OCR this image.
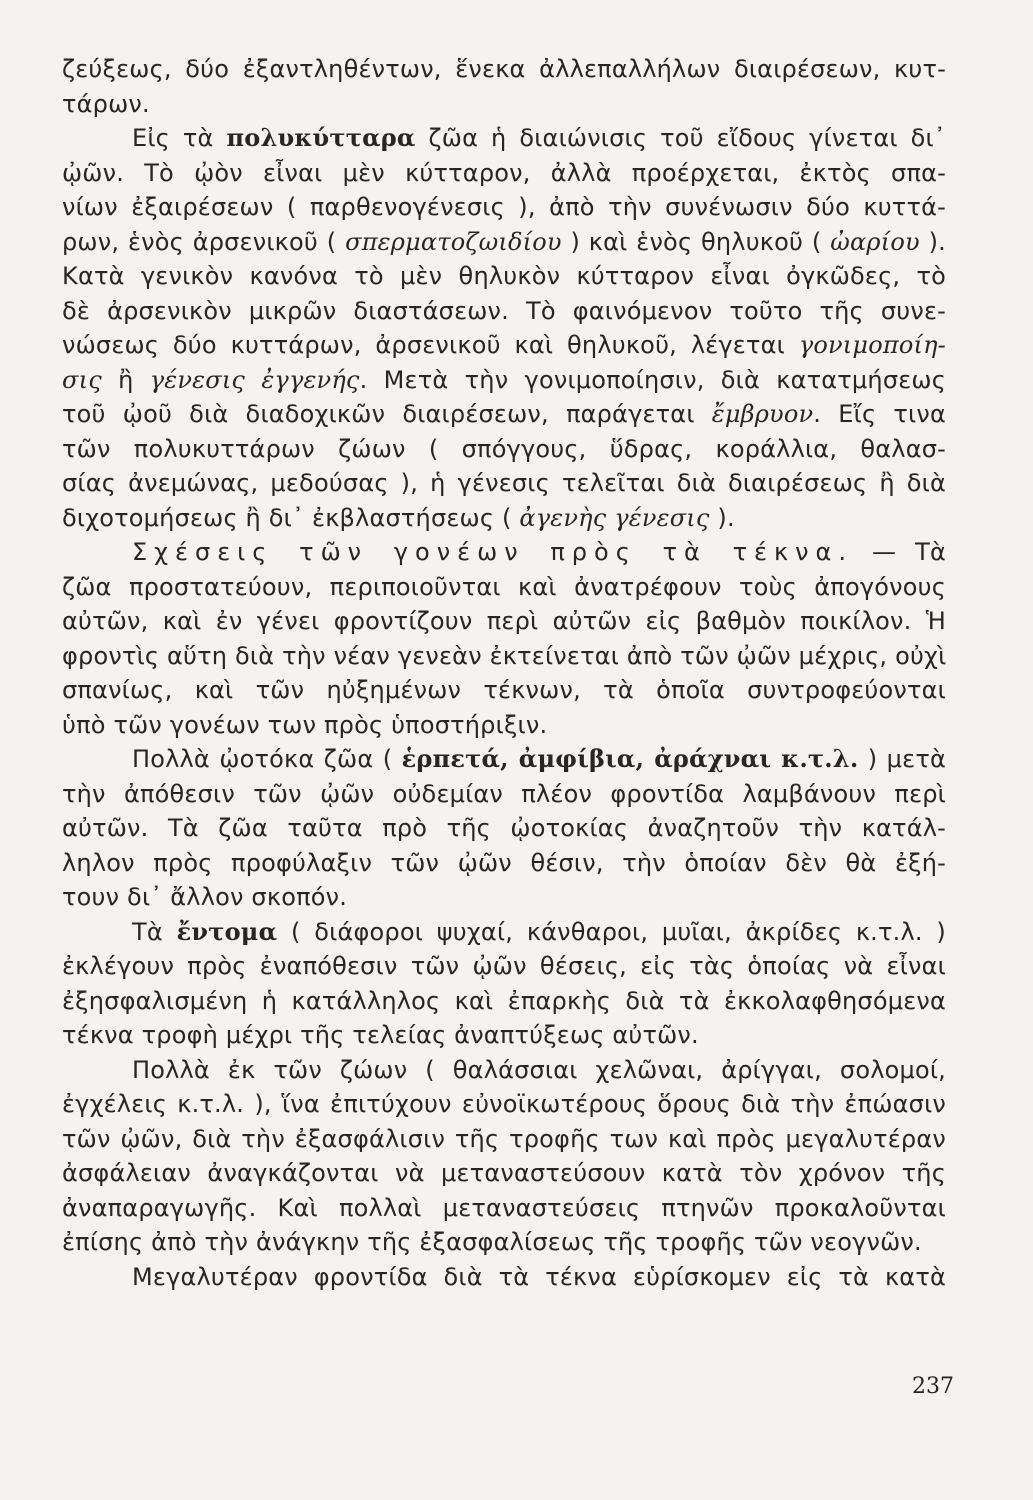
ζεύξεως, δύο ἐξαντληθέντων, ἕνεκα ἀλλεπαλλήλων διαιρέσεων, κυτ-
τάρων.
Εἰς τὰ πολυκύτταρα ζῶα ἡ διαιώνισις τοῦ εἴδους γίνεται δι᾽
ᾠῶν. Τὸ ᾠὸν εἶναι μὲν κύτταρον, ἀλλὰ προέρχεται, ἐκτὸς σπα-
νίων ἐξαιρέσεων ( παρθενογένεσις ), ἀπὸ τὴν συνένωσιν δύο κυττά-
ρων, ἑνὸς ἀρσενικοῦ ( σπερματοζωιδίου ) καὶ ἑνὸς θηλυκοῦ ( ὠαρίου ).
Κατὰ γενικὸν κανόνα τὸ μὲν θηλυκὸν κύτταρον εἶναι ὀγκῶδες, τὸ
δὲ ἀρσενικὸν μικρῶν διαστάσεων. Τὸ φαινόμενον τοῦτο τῆς συνε-
νώσεως δύο κυττάρων, ἀρσενικοῦ καὶ θηλυκοῦ, λέγεται γονιμοποίη-
σις ἢ γένεσις ἐγγενής. Μετὰ τὴν γονιμοποίησιν, διὰ κατατμήσεως
τοῦ ᾠοῦ διὰ διαδοχικῶν διαιρέσεων, παράγεται ἔμβρυον. Εἴς τινα
τῶν πολυκυττάρων ζώων ( σπόγγους, ὕδρας, κοράλλια, θαλασ-
σίας ἀνεμώνας, μεδούσας ), ἡ γένεσις τελεῖται διὰ διαιρέσεως ἢ διὰ
διχοτομήσεως ἢ δι᾽ ἐκβλαστήσεως ( ἀγενὴς γένεσις ).
Σχέσεις τῶν γονέων πρὸς τὰ τέκνα. — Τὰ
ζῶα προστατεύουν, περιποιοῦνται καὶ ἀνατρέφουν τοὺς ἀπογόνους
αὐτῶν, καὶ ἐν γένει φροντίζουν περὶ αὐτῶν εἰς βαθμὸν ποικίλον. Ἡ
φροντὶς αὕτη διὰ τὴν νέαν γενεὰν ἐκτείνεται ἀπὸ τῶν ᾠῶν μέχρις, οὐχὶ
σπανίως, καὶ τῶν ηὐξημένων τέκνων, τὰ ὁποῖα συντροφεύονται
ὑπὸ τῶν γονέων των πρὸς ὑποστήριξιν.
Πολλὰ ᾠοτόκα ζῶα ( ἑρπετά, ἀμφίβια, ἀράχναι κ.τ.λ. ) μετὰ
τὴν ἀπόθεσιν τῶν ᾠῶν οὐδεμίαν πλέον φροντίδα λαμβάνουν περὶ
αὐτῶν. Τὰ ζῶα ταῦτα πρὸ τῆς ᾠοτοκίας ἀναζητοῦν τὴν κατάλ-
ληλον πρὸς προφύλαξιν τῶν ᾠῶν θέσιν, τὴν ὁποίαν δὲν θὰ ἐξή-
τουν δι᾽ ἄλλον σκοπόν.
Τὰ ἔντομα ( διάφοροι ψυχαί, κάνθαροι, μυῖαι, ἀκρίδες κ.τ.λ. )
ἐκλέγουν πρὸς ἐναπόθεσιν τῶν ᾠῶν θέσεις, εἰς τὰς ὁποίας νὰ εἶναι
ἐξησφαλισμένη ἡ κατάλληλος καὶ ἐπαρκὴς διὰ τὰ ἐκκολαφθησόμενα
τέκνα τροφὴ μέχρι τῆς τελείας ἀναπτύξεως αὐτῶν.
Πολλὰ ἐκ τῶν ζώων ( θαλάσσιαι χελῶναι, ἀρίγγαι, σολομοί,
ἐγχέλεις κ.τ.λ. ), ἵνα ἐπιτύχουν εὐνοϊκωτέρους ὅρους διὰ τὴν ἐπώασιν
τῶν ᾠῶν, διὰ τὴν ἐξασφάλισιν τῆς τροφῆς των καὶ πρὸς μεγαλυτέραν
ἀσφάλειαν ἀναγκάζονται νὰ μεταναστεύσουν κατὰ τὸν χρόνον τῆς
ἀναπαραγωγῆς. Καὶ πολλαὶ μεταναστεύσεις πτηνῶν προκαλοῦνται
ἐπίσης ἀπὸ τὴν ἀνάγκην τῆς ἐξασφαλίσεως τῆς τροφῆς τῶν νεογνῶν.
Μεγαλυτέραν φροντίδα διὰ τὰ τέκνα εὑρίσκομεν εἰς τὰ κατὰ
237
